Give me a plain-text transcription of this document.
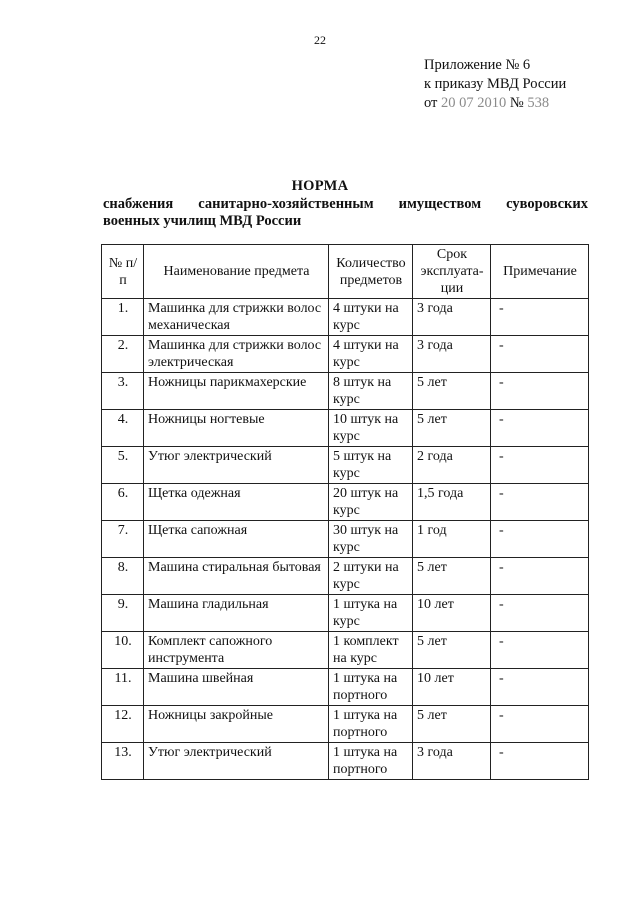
22
Приложение № 6
к приказу МВД России
от 20 07 2010 № 538
НОРМА
снабжения санитарно-хозяйственным имуществом суворовских
военных училищ МВД России
№ п/п	Наименование предмета	Количество предметов	Срок эксплуата-ции	Примечание
1.	Машинка для стрижки волос механическая	4 штуки на курс	3 года	-
2.	Машинка для стрижки волос электрическая	4 штуки на курс	3 года	-
3.	Ножницы парикмахерские	8 штук на курс	5 лет	-
4.	Ножницы ногтевые	10 штук на курс	5 лет	-
5.	Утюг электрический	5 штук на курс	2 года	-
6.	Щетка одежная	20 штук на курс	1,5 года	-
7.	Щетка сапожная	30 штук на курс	1 год	-
8.	Машина стиральная бытовая	2 штуки на курс	5 лет	-
9.	Машина гладильная	1 штука на курс	10 лет	-
10.	Комплект сапожного инструмента	1 комплект на курс	5 лет	-
11.	Машина швейная	1 штука на портного	10 лет	-
12.	Ножницы закройные	1 штука на портного	5 лет	-
13.	Утюг электрический	1 штука на портного	3 года	-
